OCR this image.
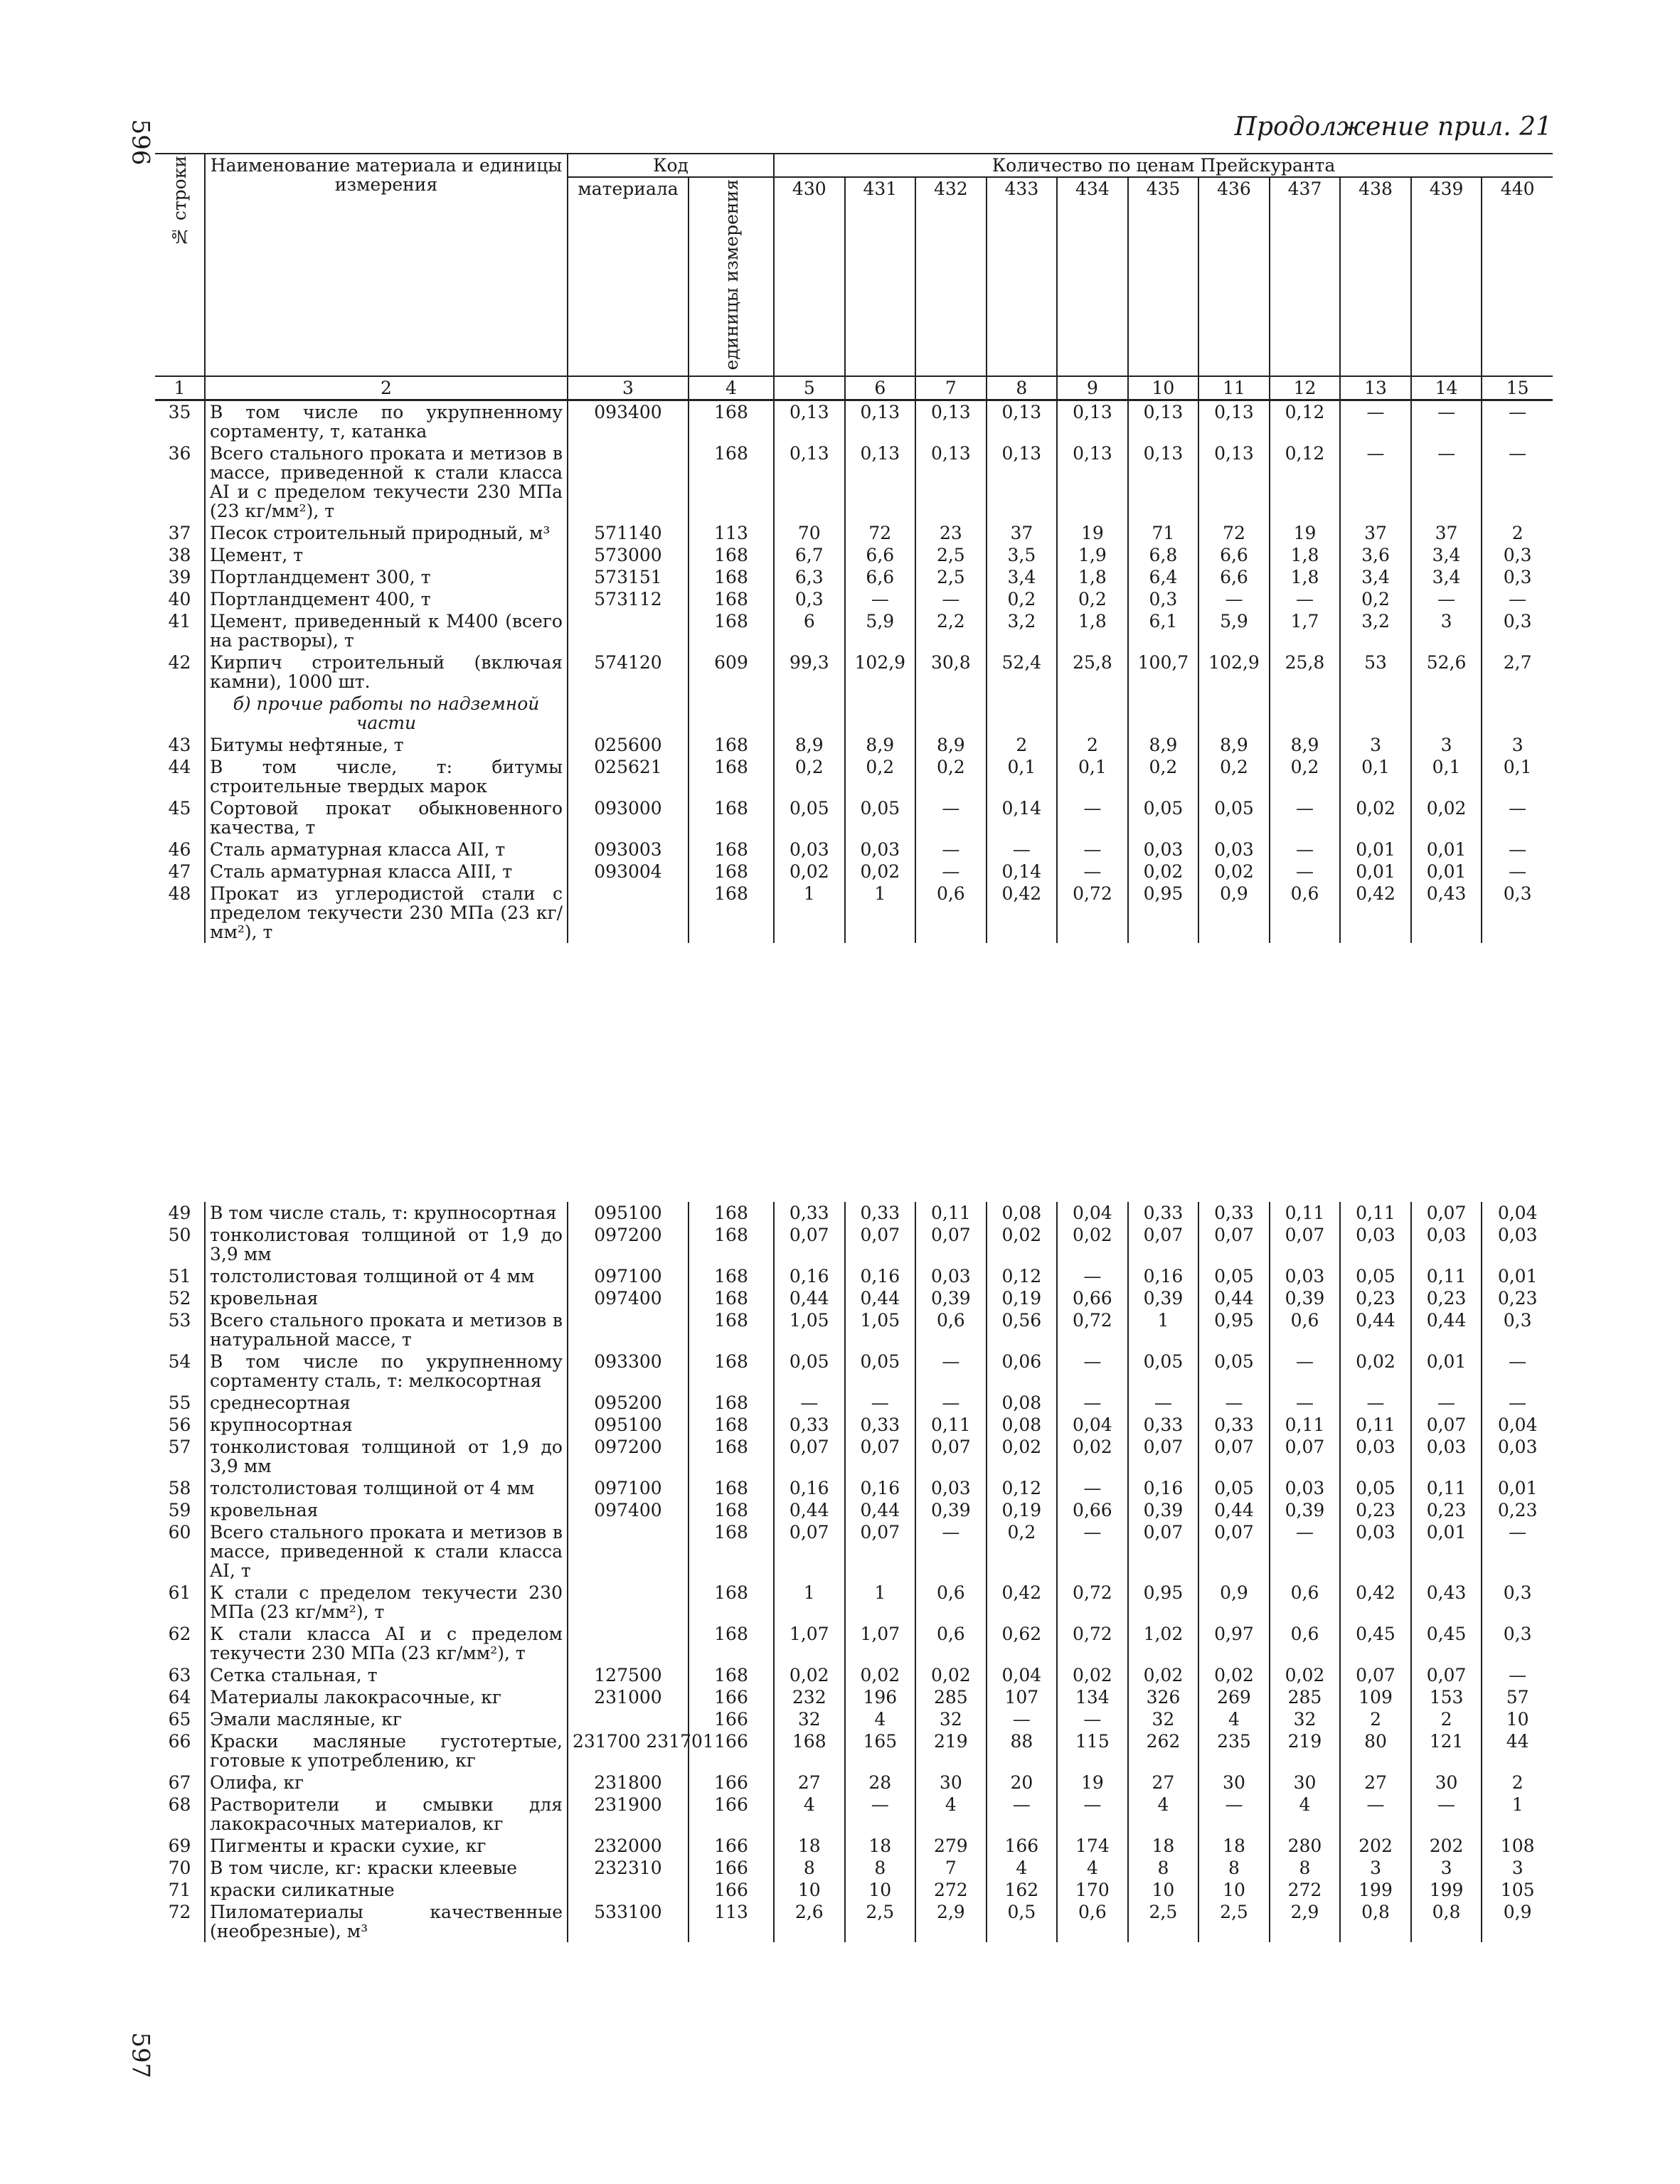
596
597
Продолжение прил. 21
№ строки	Наименование материала и единицы измерения	Код		Количество по ценам Прейскуранта										
		материала	единицы измерения	430	431	432	433	434	435	436	437	438	439	440
1	2	3	4	5	6	7	8	9	10	11	12	13	14	15
35	В том числе по укрупненному сортаменту, т, катанка	093400	168	0,13	0,13	0,13	0,13	0,13	0,13	0,13	0,12	—	—	—
36	Всего стального проката и метизов в массе, приведенной к стали класса AI и с пределом текучести 230 МПа (23 кг/мм²), т		168	0,13	0,13	0,13	0,13	0,13	0,13	0,13	0,12	—	—	—
37	Песок строительный природный, м³	571140	113	70	72	23	37	19	71	72	19	37	37	2
38	Цемент, т	573000	168	6,7	6,6	2,5	3,5	1,9	6,8	6,6	1,8	3,6	3,4	0,3
39	Портландцемент 300, т	573151	168	6,3	6,6	2,5	3,4	1,8	6,4	6,6	1,8	3,4	3,4	0,3
40	Портландцемент 400, т	573112	168	0,3	—	—	0,2	0,2	0,3	—	—	0,2	—	—
41	Цемент, приведенный к М400 (всего на растворы), т		168	6	5,9	2,2	3,2	1,8	6,1	5,9	1,7	3,2	3	0,3
42	Кирпич строительный (включая камни), 1000 шт.	574120	609	99,3	102,9	30,8	52,4	25,8	100,7	102,9	25,8	53	52,6	2,7
	б) прочие работы по надземной части													
43	Битумы нефтяные, т	025600	168	8,9	8,9	8,9	2	2	8,9	8,9	8,9	3	3	3
44	В том числе, т: битумы строительные твердых марок	025621	168	0,2	0,2	0,2	0,1	0,1	0,2	0,2	0,2	0,1	0,1	0,1
45	Сортовой прокат обыкновенного качества, т	093000	168	0,05	0,05	—	0,14	—	0,05	0,05	—	0,02	0,02	—
46	Сталь арматурная класса AII, т	093003	168	0,03	0,03	—	—	—	0,03	0,03	—	0,01	0,01	—
47	Сталь арматурная класса AIII, т	093004	168	0,02	0,02	—	0,14	—	0,02	0,02	—	0,01	0,01	—
48	Прокат из углеродистой стали с пределом текучести 230 МПа (23 кг/мм²), т		168	1	1	0,6	0,42	0,72	0,95	0,9	0,6	0,42	0,43	0,3
49	В том числе сталь, т: крупносортная	095100	168	0,33	0,33	0,11	0,08	0,04	0,33	0,33	0,11	0,11	0,07	0,04
50	тонколистовая толщиной от 1,9 до 3,9 мм	097200	168	0,07	0,07	0,07	0,02	0,02	0,07	0,07	0,07	0,03	0,03	0,03
51	толстолистовая толщиной от 4 мм	097100	168	0,16	0,16	0,03	0,12	—	0,16	0,05	0,03	0,05	0,11	0,01
52	кровельная	097400	168	0,44	0,44	0,39	0,19	0,66	0,39	0,44	0,39	0,23	0,23	0,23
53	Всего стального проката и метизов в натуральной массе, т		168	1,05	1,05	0,6	0,56	0,72	1	0,95	0,6	0,44	0,44	0,3
54	В том числе по укрупненному сортаменту сталь, т: мелкосортная	093300	168	0,05	0,05	—	0,06	—	0,05	0,05	—	0,02	0,01	—
55	среднесортная	095200	168	—	—	—	0,08	—	—	—	—	—	—	—
56	крупносортная	095100	168	0,33	0,33	0,11	0,08	0,04	0,33	0,33	0,11	0,11	0,07	0,04
57	тонколистовая толщиной от 1,9 до 3,9 мм	097200	168	0,07	0,07	0,07	0,02	0,02	0,07	0,07	0,07	0,03	0,03	0,03
58	толстолистовая толщиной от 4 мм	097100	168	0,16	0,16	0,03	0,12	—	0,16	0,05	0,03	0,05	0,11	0,01
59	кровельная	097400	168	0,44	0,44	0,39	0,19	0,66	0,39	0,44	0,39	0,23	0,23	0,23
60	Всего стального проката и метизов в массе, приведенной к стали класса AI, т		168	0,07	0,07	—	0,2	—	0,07	0,07	—	0,03	0,01	—
61	К стали с пределом текучести 230 МПа (23 кг/мм²), т		168	1	1	0,6	0,42	0,72	0,95	0,9	0,6	0,42	0,43	0,3
62	К стали класса AI и с пределом текучести 230 МПа (23 кг/мм²), т		168	1,07	1,07	0,6	0,62	0,72	1,02	0,97	0,6	0,45	0,45	0,3
63	Сетка стальная, т	127500	168	0,02	0,02	0,02	0,04	0,02	0,02	0,02	0,02	0,07	0,07	—
64	Материалы лакокрасочные, кг	231000	166	232	196	285	107	134	326	269	285	109	153	57
65	Эмали масляные, кг		166	32	4	32	—	—	32	4	32	2	2	10
66	Краски масляные густотертые, готовые к употреблению, кг	231700 231701	166	168	165	219	88	115	262	235	219	80	121	44
67	Олифа, кг	231800	166	27	28	30	20	19	27	30	30	27	30	2
68	Растворители и смывки для лакокрасочных материалов, кг	231900	166	4	—	4	—	—	4	—	4	—	—	1
69	Пигменты и краски сухие, кг	232000	166	18	18	279	166	174	18	18	280	202	202	108
70	В том числе, кг: краски клеевые	232310	166	8	8	7	4	4	8	8	8	3	3	3
71	краски силикатные		166	10	10	272	162	170	10	10	272	199	199	105
72	Пиломатериалы качественные (необрезные), м³	533100	113	2,6	2,5	2,9	0,5	0,6	2,5	2,5	2,9	0,8	0,8	0,9
